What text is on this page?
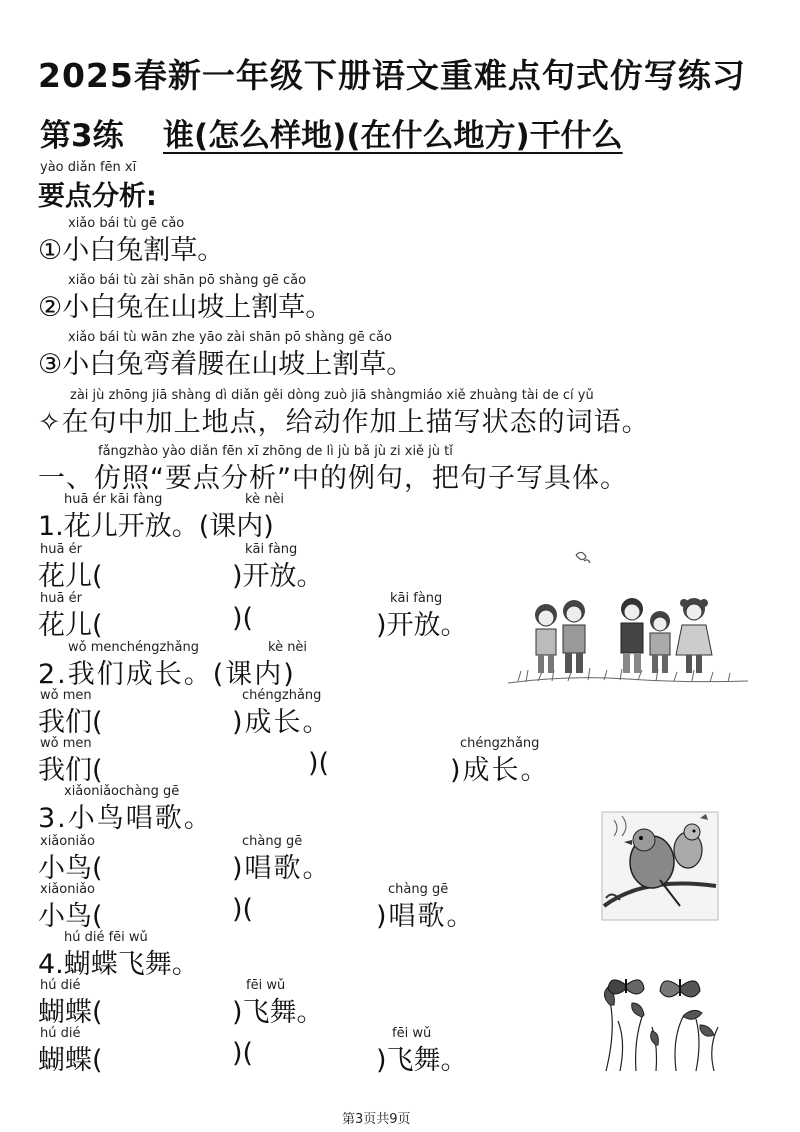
2025春新一年级下册语文重难点句式仿写练习
第3练 谁(怎么样地)(在什么地方)干什么
yào diǎn fēn xī
要点分析:
xiǎo bái tù gē cǎo
①小白兔割草。
xiǎo bái tù zài shān pō shàng gē cǎo
②小白兔在山坡上割草。
xiǎo bái tù wān zhe yāo zài shān pō shàng gē cǎo
③小白兔弯着腰在山坡上割草。
zài jù zhōng jiā shàng dì diǎn gěi dòng zuò jiā shàngmiáo xiě zhuàng tài de cí yǔ
✧在句中加上地点，给动作加上描写状态的词语。
fǎngzhào yào diǎn fēn xī zhōng de lì jù bǎ jù zi xiě jù tǐ
一、仿照“要点分析”中的例句，把句子写具体。
huā ér kāi fàng	kè nèi
1.花儿开放。(课内)
huā ér	kāi fàng
花儿(	)开放。
huā ér	kāi fàng
花儿(	)(	)开放。
wǒ menchéngzhǎng	kè nèi
2.我们成长。(课内)
wǒ men	chéngzhǎng
我们(	)成长。
wǒ men	chéngzhǎng
我们(	)(	)成长。
xiǎoniǎochàng gē
3.小鸟唱歌。
xiǎoniǎo	chàng gē
小鸟(	)唱歌。
xiǎoniǎo	chàng gē
小鸟(	)(	)唱歌。
hú dié fēi wǔ
4.蝴蝶飞舞。
hú dié	fēi wǔ
蝴蝶(	)飞舞。
hú dié	fēi wǔ
蝴蝶(	)(	)飞舞。
第3页共9页
